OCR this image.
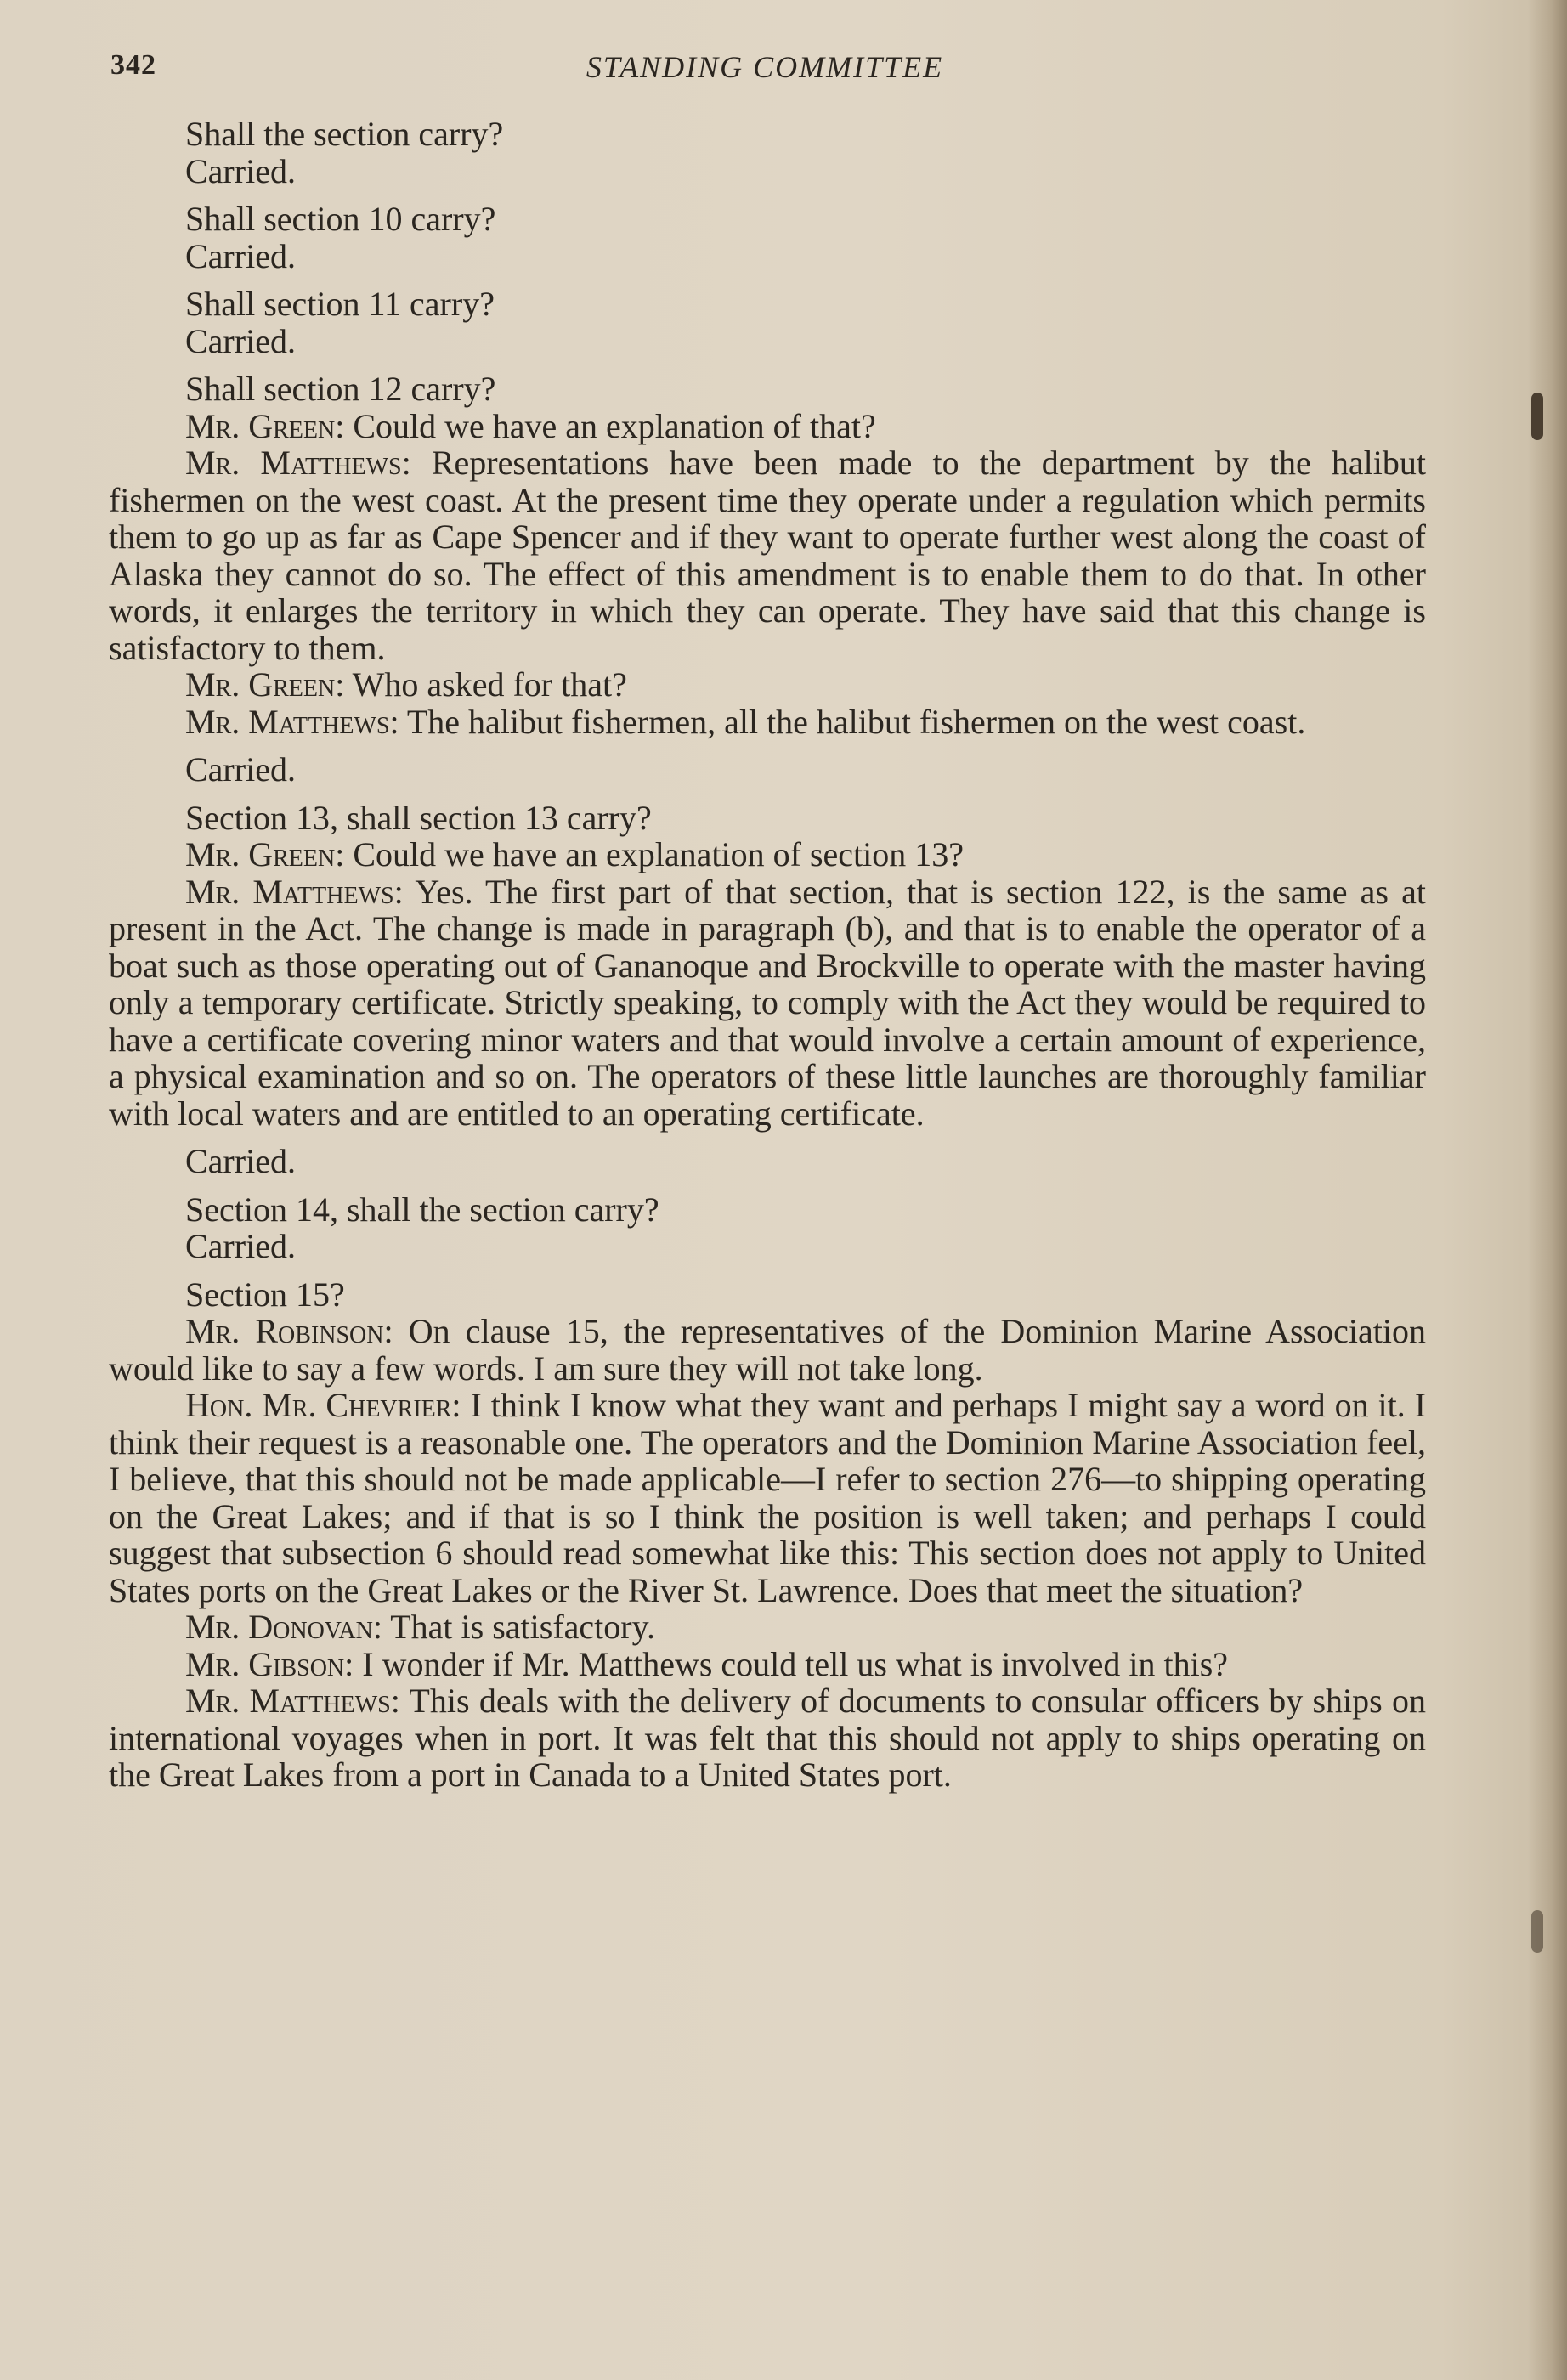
342	STANDING COMMITTEE

Shall the section carry?

Carried.

Shall section 10 carry?

Carried.

Shall section 11 carry?

Carried.

Shall section 12 carry?

Mr. Green: Could we have an explanation of that?

Mr. Matthews: Representations have been made to the department by the halibut fishermen on the west coast. At the present time they operate under a regulation which permits them to go up as far as Cape Spencer and if they want to operate further west along the coast of Alaska they cannot do so. The effect of this amendment is to enable them to do that. In other words, it enlarges the territory in which they can operate. They have said that this change is satisfactory to them.

Mr. Green: Who asked for that?

Mr. Matthews: The halibut fishermen, all the halibut fishermen on the west coast.

Carried.

Section 13, shall section 13 carry?

Mr. Green: Could we have an explanation of section 13?

Mr. Matthews: Yes. The first part of that section, that is section 122, is the same as at present in the Act. The change is made in paragraph (b), and that is to enable the operator of a boat such as those operating out of Gananoque and Brockville to operate with the master having only a temporary certificate. Strictly speaking, to comply with the Act they would be required to have a certificate covering minor waters and that would involve a certain amount of experience, a physical examination and so on. The operators of these little launches are thoroughly familiar with local waters and are entitled to an operating certificate.

Carried.

Section 14, shall the section carry?

Carried.

Section 15?

Mr. Robinson: On clause 15, the representatives of the Dominion Marine Association would like to say a few words. I am sure they will not take long.

Hon. Mr. Chevrier: I think I know what they want and perhaps I might say a word on it. I think their request is a reasonable one. The operators and the Dominion Marine Association feel, I believe, that this should not be made applicable—I refer to section 276—to shipping operating on the Great Lakes; and if that is so I think the position is well taken; and perhaps I could suggest that subsection 6 should read somewhat like this: This section does not apply to United States ports on the Great Lakes or the River St. Lawrence. Does that meet the situation?

Mr. Donovan: That is satisfactory.

Mr. Gibson: I wonder if Mr. Matthews could tell us what is involved in this?

Mr. Matthews: This deals with the delivery of documents to consular officers by ships on international voyages when in port. It was felt that this should not apply to ships operating on the Great Lakes from a port in Canada to a United States port.
